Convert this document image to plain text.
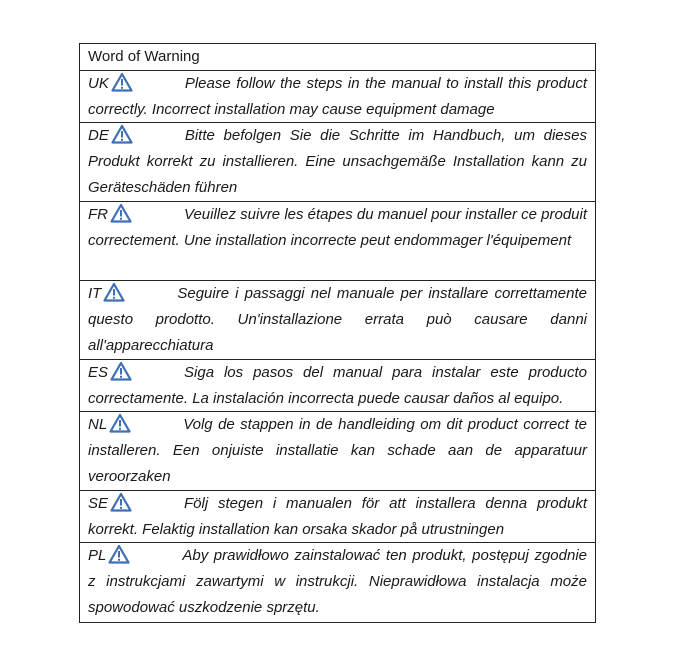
Word of Warning
UK	Please follow the steps in the manual to install this product correctly. Incorrect installation may cause equipment damage
DE	Bitte befolgen Sie die Schritte im Handbuch, um dieses Produkt korrekt zu installieren. Eine unsachgemäße Installation kann zu Geräteschäden führen
FR	Veuillez suivre les étapes du manuel pour installer ce produit correctement. Une installation incorrecte peut endommager l'équipement
IT	Seguire i passaggi nel manuale per installare correttamente questo prodotto. Un'installazione errata può causare danni all'apparecchiatura
ES	Siga los pasos del manual para instalar este producto correctamente. La instalación incorrecta puede causar daños al equipo.
NL	Volg de stappen in de handleiding om dit product correct te installeren. Een onjuiste installatie kan schade aan de apparatuur veroorzaken
SE	Följ stegen i manualen för att installera denna produkt korrekt. Felaktig installation kan orsaka skador på utrustningen
PL	Aby prawidłowo zainstalować ten produkt, postępuj zgodnie z instrukcjami zawartymi w instrukcji. Nieprawidłowa instalacja może spowodować uszkodzenie sprzętu.
